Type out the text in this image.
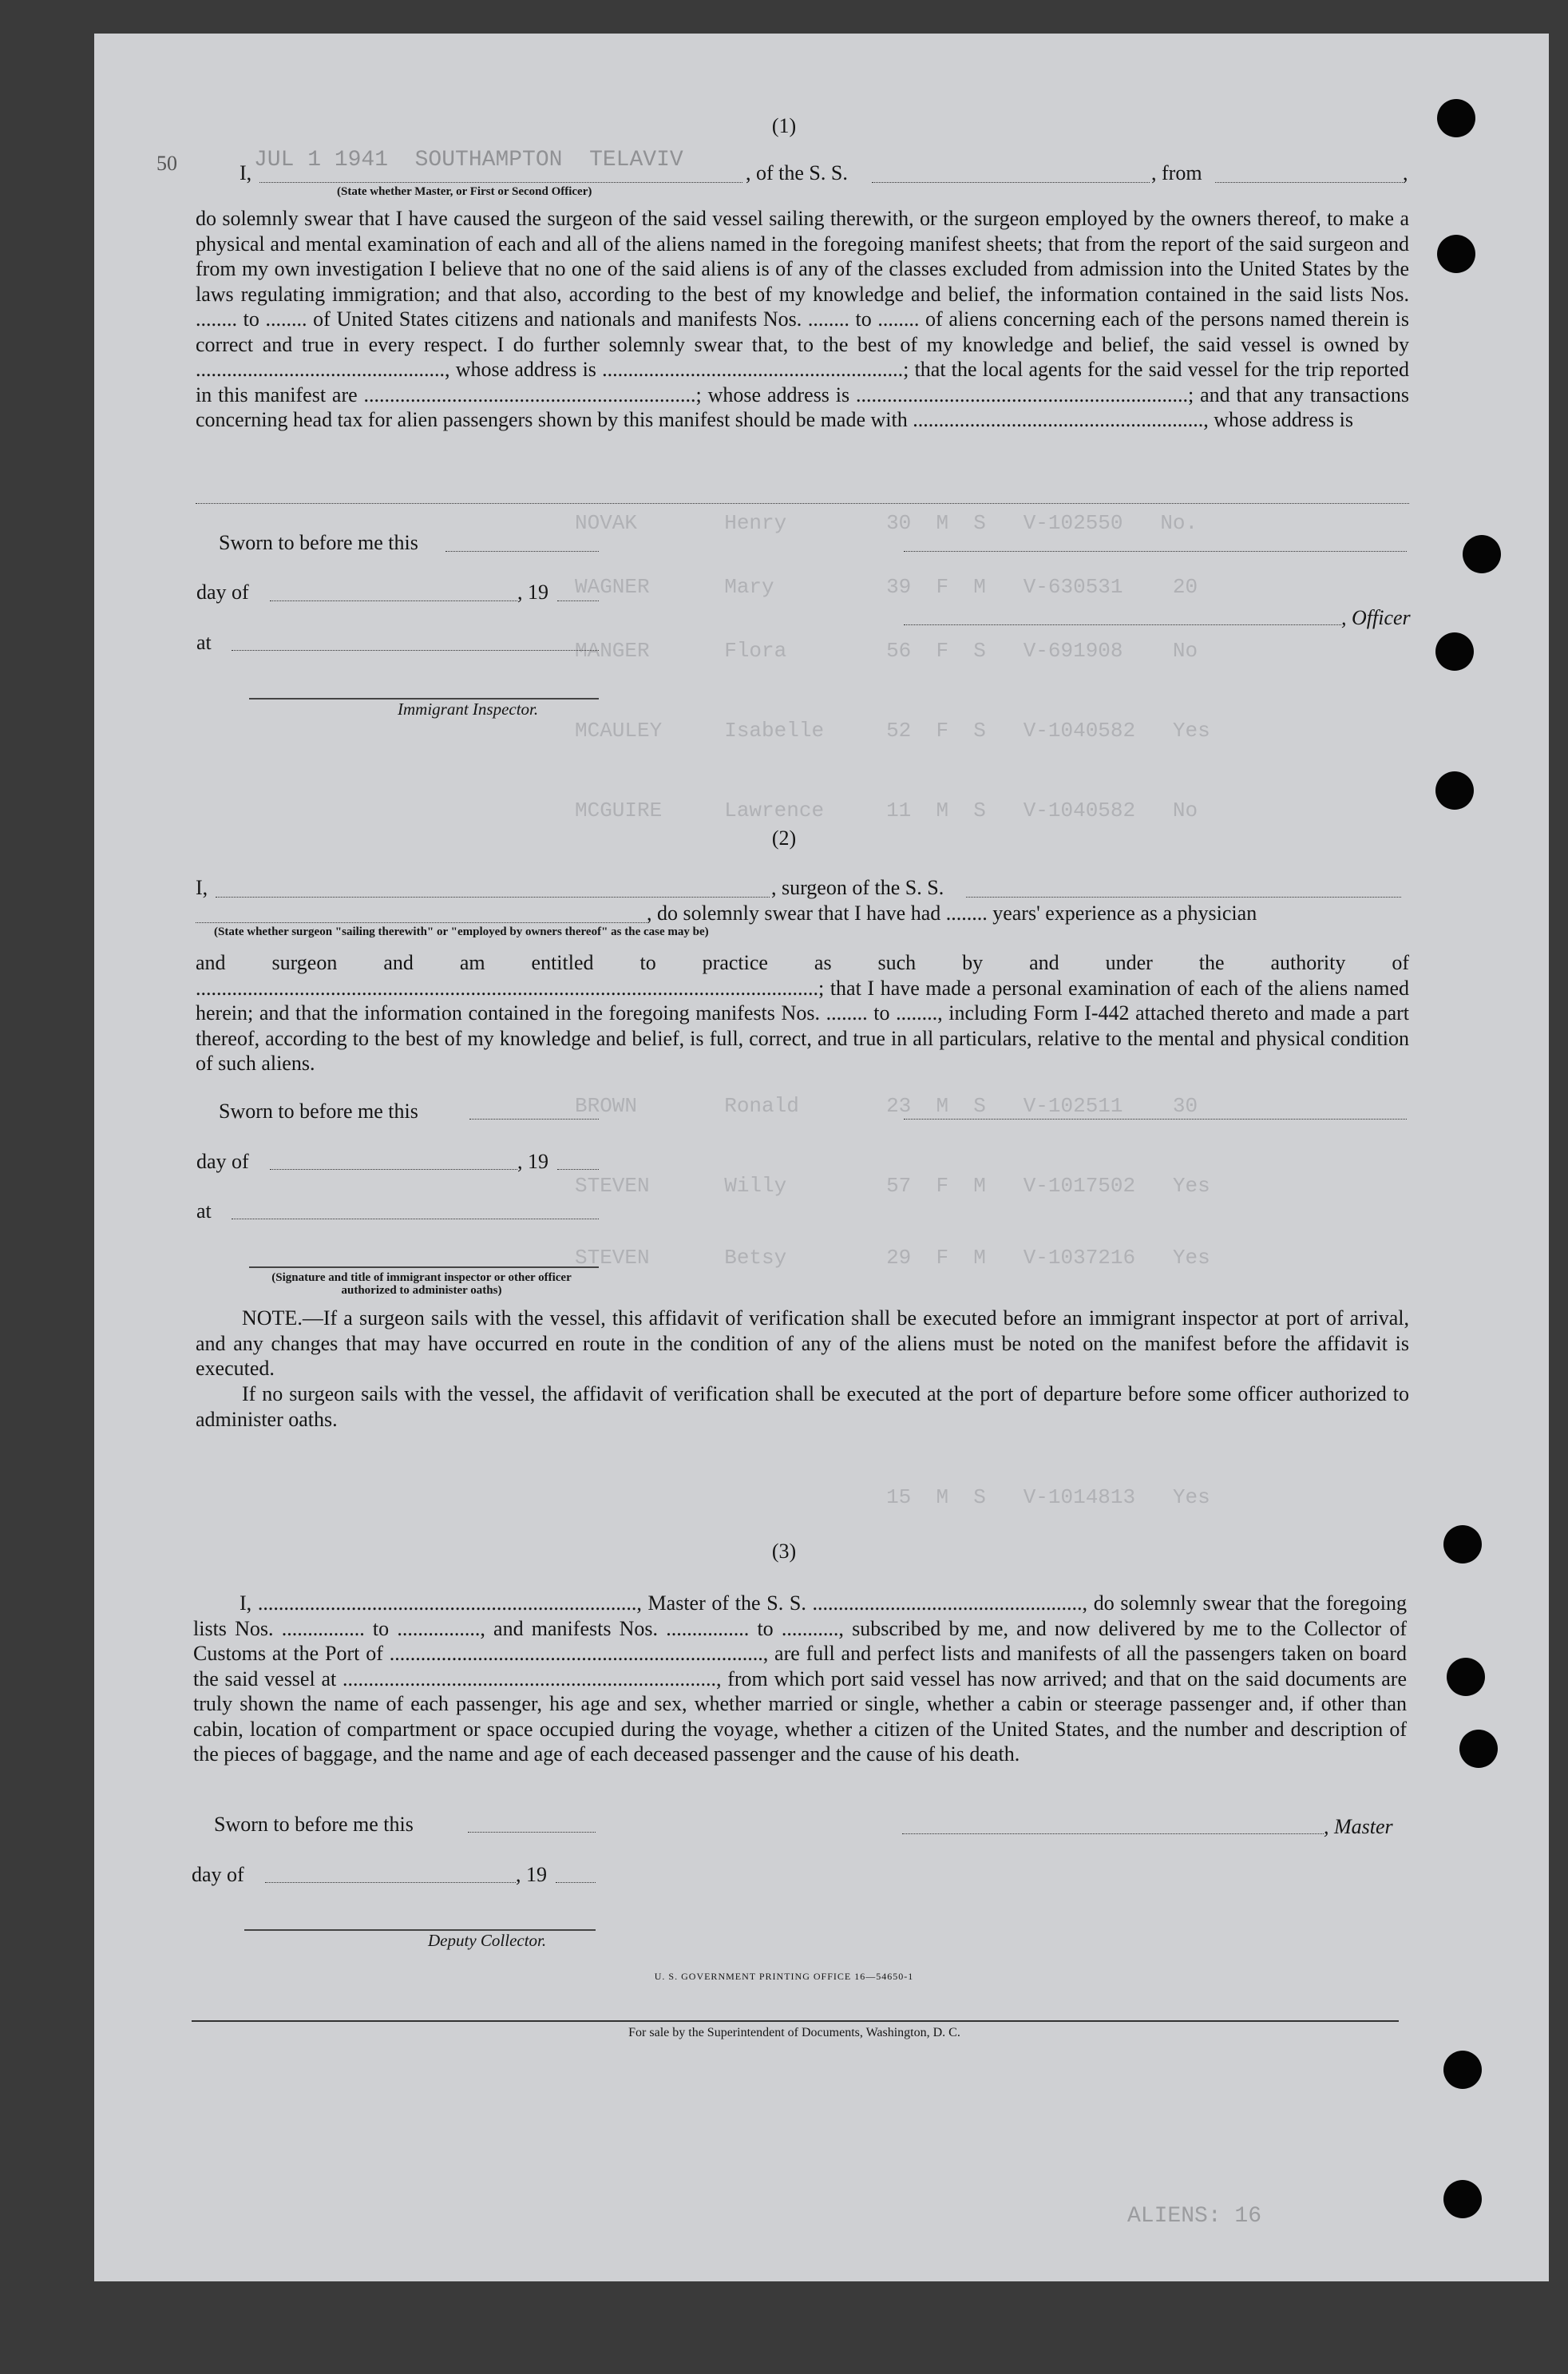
NOVAK       Henry        30  M  S   V-102550   No.
WAGNER      Mary         39  F  M   V-630531    20
MANGER      Flora        56  F  S   V-691908    No
MCAULEY     Isabelle     52  F  S   V-1040582   Yes
MCGUIRE     Lawrence     11  M  S   V-1040582   No
BROWN       Ronald       23  M  S   V-102511    30
STEVEN      Willy        57  F  M   V-1017502   Yes
STEVEN      Betsy        29  F  M   V-1037216   Yes
15  M  S   V-1014813   Yes
(1)
JUL 1 1941  SOUTHAMPTON  TELAVIV
50	I,	, of the S. S.	, from	,
(State whether Master, or First or Second Officer)

do solemnly swear that I have caused the surgeon of the said vessel sailing therewith, or the surgeon employed by the owners thereof, to make a physical and mental examination of each and all of the aliens named in the foregoing manifest sheets; that from the report of the said surgeon and from my own investigation I believe that no one of the said aliens is of any of the classes excluded from admission into the United States by the laws regulating immigration; and that also, according to the best of my knowledge and belief, the information contained in the said lists Nos. ........ to ........ of United States citizens and nationals and manifests Nos. ........ to ........ of aliens concerning each of the persons named therein is correct and true in every respect. I do further solemnly swear that, to the best of my knowledge and belief, the said vessel is owned by ................................................, whose address is ..........................................................; that the local agents for the said vessel for the trip reported in this manifest are ................................................................; whose address is ................................................................; and that any transactions concerning head tax for alien passengers shown by this manifest should be made with ........................................................, whose address is

Sworn to before me this
day of	, 19
, Officer
at
Immigrant Inspector.
(2)
I,	, surgeon of the S. S.
, do solemnly swear that I have had ........ years' experience as a physician
(State whether surgeon "sailing therewith" or "employed by owners thereof" as the case may be)

and surgeon and am entitled to practice as such by and under the authority of ........................................................................................................................; that I have made a personal examination of each of the aliens named herein; and that the information contained in the foregoing manifests Nos. ........ to ........, including Form I-442 attached thereto and made a part thereof, according to the best of my knowledge and belief, is full, correct, and true in all particulars, relative to the mental and physical condition of such aliens.

Sworn to before me this
day of	, 19
at
(Signature and title of immigrant inspector or other officer authorized to administer oaths)

NOTE.—If a surgeon sails with the vessel, this affidavit of verification shall be executed before an immigrant inspector at port of arrival, and any changes that may have occurred en route in the condition of any of the aliens must be noted on the manifest before the affidavit is executed.

If no surgeon sails with the vessel, the affidavit of verification shall be executed at the port of departure before some officer authorized to administer oaths.

(3)

I, ........................................................................., Master of the S. S. ...................................................., do solemnly swear that the foregoing lists Nos. ................ to ................, and manifests Nos. ................ to ..........., subscribed by me, and now delivered by me to the Collector of Customs at the Port of ........................................................................, are full and perfect lists and manifests of all the passengers taken on board the said vessel at ........................................................................, from which port said vessel has now arrived; and that on the said documents are truly shown the name of each passenger, his age and sex, whether married or single, whether a cabin or steerage passenger and, if other than cabin, location of compartment or space occupied during the voyage, whether a citizen of the United States, and the number and description of the pieces of baggage, and the name and age of each deceased passenger and the cause of his death.

Sworn to before me this	, Master
day of	, 19
Deputy Collector.
U. S. GOVERNMENT PRINTING OFFICE 16—54650-1
For sale by the Superintendent of Documents, Washington, D. C.
ALIENS: 16
